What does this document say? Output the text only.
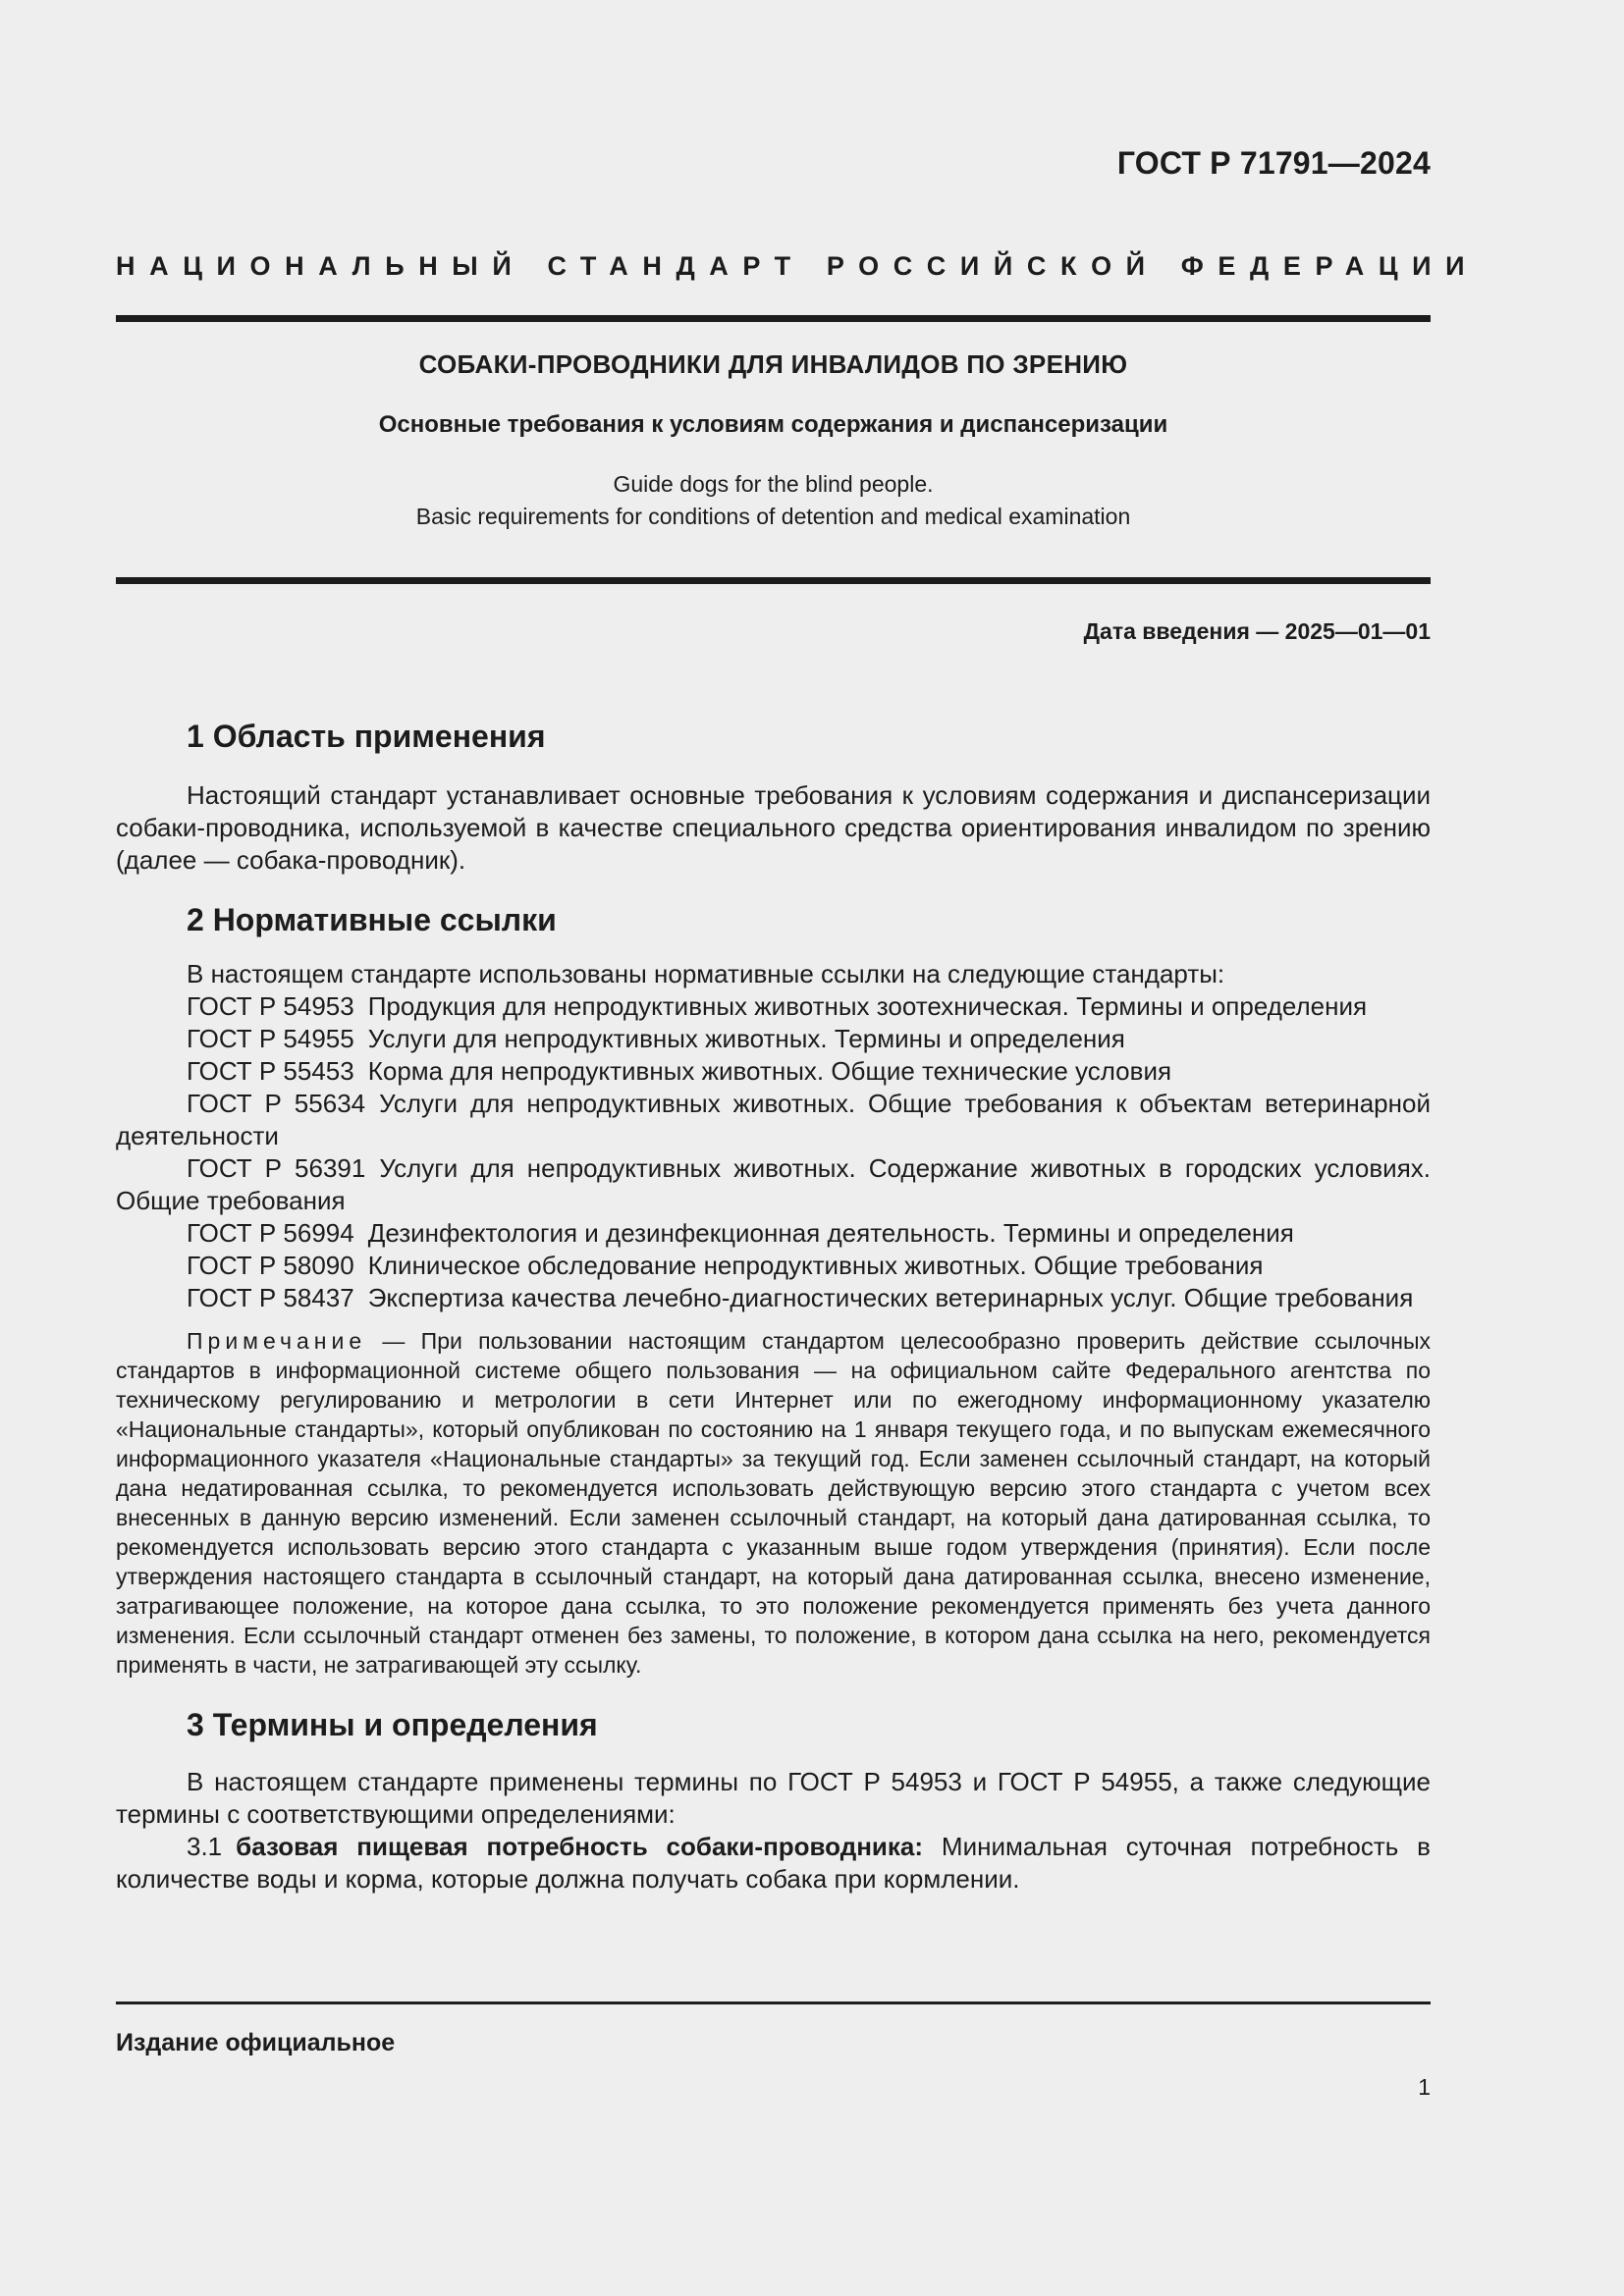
ГОСТ Р 71791—2024
НАЦИОНАЛЬНЫЙ СТАНДАРТ РОССИЙСКОЙ ФЕДЕРАЦИИ

СОБАКИ-ПРОВОДНИКИ ДЛЯ ИНВАЛИДОВ ПО ЗРЕНИЮ

Основные требования к условиям содержания и диспансеризации

Guide dogs for the blind people.
Basic requirements for conditions of detention and medical examination

Дата введения — 2025—01—01
1 Область применения

Настоящий стандарт устанавливает основные требования к условиям содержания и диспансеризации собаки-проводника, используемой в качестве специального средства ориентирования инвалидом по зрению (далее — собака-проводник).

2 Нормативные ссылки

В настоящем стандарте использованы нормативные ссылки на следующие стандарты:

ГОСТ Р 54953 Продукция для непродуктивных животных зоотехническая. Термины и определения

ГОСТ Р 54955 Услуги для непродуктивных животных. Термины и определения

ГОСТ Р 55453 Корма для непродуктивных животных. Общие технические условия

ГОСТ Р 55634 Услуги для непродуктивных животных. Общие требования к объектам ветеринарной деятельности

ГОСТ Р 56391 Услуги для непродуктивных животных. Содержание животных в городских условиях. Общие требования

ГОСТ Р 56994 Дезинфектология и дезинфекционная деятельность. Термины и определения

ГОСТ Р 58090 Клиническое обследование непродуктивных животных. Общие требования

ГОСТ Р 58437 Экспертиза качества лечебно-диагностических ветеринарных услуг. Общие требования

Примечание — При пользовании настоящим стандартом целесообразно проверить действие ссылочных стандартов в информационной системе общего пользования — на официальном сайте Федерального агентства по техническому регулированию и метрологии в сети Интернет или по ежегодному информационному указателю «Национальные стандарты», который опубликован по состоянию на 1 января текущего года, и по выпускам ежемесячного информационного указателя «Национальные стандарты» за текущий год. Если заменен ссылочный стандарт, на который дана недатированная ссылка, то рекомендуется использовать действующую версию этого стандарта с учетом всех внесенных в данную версию изменений. Если заменен ссылочный стандарт, на который дана датированная ссылка, то рекомендуется использовать версию этого стандарта с указанным выше годом утверждения (принятия). Если после утверждения настоящего стандарта в ссылочный стандарт, на который дана датированная ссылка, внесено изменение, затрагивающее положение, на которое дана ссылка, то это положение рекомендуется применять без учета данного изменения. Если ссылочный стандарт отменен без замены, то положение, в котором дана ссылка на него, рекомендуется применять в части, не затрагивающей эту ссылку.

3 Термины и определения

В настоящем стандарте применены термины по ГОСТ Р 54953 и ГОСТ Р 54955, а также следующие термины с соответствующими определениями:

3.1 базовая пищевая потребность собаки-проводника: Минимальная суточная потребность в количестве воды и корма, которые должна получать собака при кормлении.

Издание официальное
1
